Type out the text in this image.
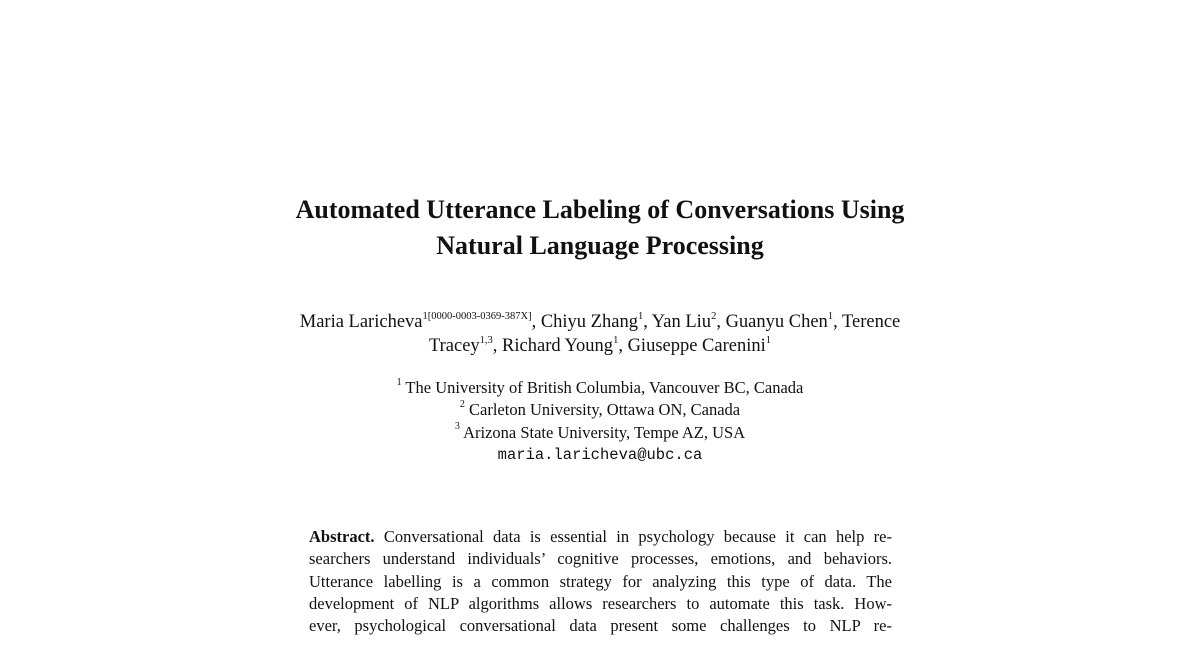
Automated Utterance Labeling of Conversations Using
Natural Language Processing
Maria Laricheva$^{1[0000-0003-0369-387X]}$, Chiyu Zhang$^1$, Yan Liu$^2$, Guanyu Chen$^1$, Terence
Tracey$^{1,3}$, Richard Young$^1$, Giuseppe Carenini$^1$
$^1$ The University of British Columbia, Vancouver BC, Canada
$^2$ Carleton University, Ottawa ON, Canada
$^3$ Arizona State University, Tempe AZ, USA
maria.laricheva@ubc.ca
Abstract. Conversational data is essential in psychology because it can help re-
searchers understand individuals’ cognitive processes, emotions, and behaviors.
Utterance labelling is a common strategy for analyzing this type of data. The
development of NLP algorithms allows researchers to automate this task. How-
ever, psychological conversational data present some challenges to NLP re-
